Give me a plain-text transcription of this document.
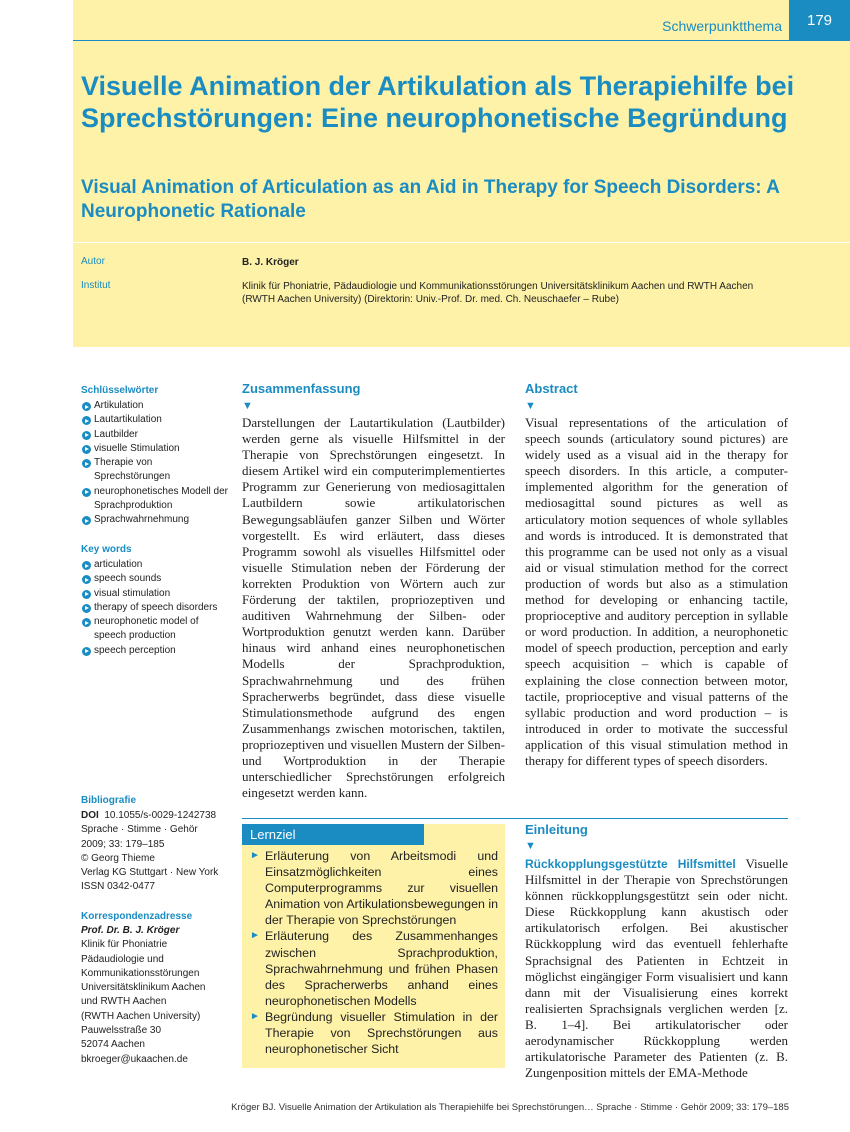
Schwerpunktthema	179
Visuelle Animation der Artikulation als Therapiehilfe bei Sprechstörungen: Eine neurophonetische Begründung
Visual Animation of Articulation as an Aid in Therapy for Speech Disorders: A Neurophonetic Rationale
Autor	B. J. Kröger
Institut	Klinik für Phoniatrie, Pädaudiologie und Kommunikationsstörungen Universitätsklinikum Aachen und RWTH Aachen
(RWTH Aachen University) (Direktorin: Univ.-Prof. Dr. med. Ch. Neuschaefer – Rube)
Schlüsselwörter
Artikulation
Lautartikulation
Lautbilder
visuelle Stimulation
Therapie von Sprechstörungen
neurophonetisches Modell der Sprachproduktion
Sprachwahrnehmung
Key words
articulation
speech sounds
visual stimulation
therapy of speech disorders
neurophonetic model of speech production
speech perception
Bibliografie
DOI 10.1055/s-0029-1242738
Sprache · Stimme · Gehör
2009; 33: 179–185
© Georg Thieme
Verlag KG Stuttgart · New York
ISSN 0342-0477
Korrespondenzadresse
Prof. Dr. B. J. Kröger
Klinik für Phoniatrie
Pädaudiologie und
Kommunikationsstörungen
Universitätsklinikum Aachen
und RWTH Aachen
(RWTH Aachen University)
Pauwelsstraße 30
52074 Aachen
bkroeger@ukaachen.de
Zusammenfassung
▼

Darstellungen der Lautartikulation (Lautbilder) werden gerne als visuelle Hilfsmittel in der Therapie von Sprechstörungen eingesetzt. In diesem Artikel wird ein computerimplementiertes Programm zur Generierung von mediosagittalen Lautbildern sowie artikulatorischen Bewegungsabläufen ganzer Silben und Wörter vorgestellt. Es wird erläutert, dass dieses Programm sowohl als visuelles Hilfsmittel oder visuelle Stimulation neben der Förderung der korrekten Produktion von Wörtern auch zur Förderung der taktilen, propriozeptiven und auditiven Wahrnehmung der Silben- oder Wortproduktion genutzt werden kann. Darüber hinaus wird anhand eines neurophonetischen Modells der Sprachproduktion, Sprachwahrnehmung und des frühen Spracherwerbs begründet, dass diese visuelle Stimulationsmethode aufgrund des engen Zusammenhangs zwischen motorischen, taktilen, propriozeptiven und visuellen Mustern der Silben- und Wortproduktion in der Therapie unterschiedlicher Sprechstörungen erfolgreich eingesetzt werden kann.

Abstract
▼

Visual representations of the articulation of speech sounds (articulatory sound pictures) are widely used as a visual aid in the therapy for speech disorders. In this article, a computer-implemented algorithm for the generation of mediosagittal sound pictures as well as articulatory motion sequences of whole syllables and words is introduced. It is demonstrated that this programme can be used not only as a visual aid or visual stimulation method for the correct production of words but also as a stimulation method for developing or enhancing tactile, proprioceptive and auditory perception in syllable or word production. In addition, a neurophonetic model of speech production, perception and early speech acquisition – which is capable of explaining the close connection between motor, tactile, proprioceptive and visual patterns of the syllabic production and word production – is introduced in order to motivate the successful application of this visual stimulation method in therapy for different types of speech disorders.

Lernziel
► Erläuterung von Arbeitsmodi und Einsatzmöglichkeiten eines Computerprogramms zur visuellen Animation von Artikulationsbewegungen in der Therapie von Sprechstörungen
► Erläuterung des Zusammenhanges zwischen Sprachproduktion, Sprachwahrnehmung und frühen Phasen des Spracherwerbs anhand eines neurophonetischen Modells
► Begründung visueller Stimulation in der Therapie von Sprechstörungen aus neurophonetischer Sicht
Einleitung
▼

Rückkopplungsgestützte Hilfsmittel Visuelle Hilfsmittel in der Therapie von Sprechstörungen können rückkopplungsgestützt sein oder nicht. Diese Rückkopplung kann akustisch oder artikulatorisch erfolgen. Bei akustischer Rückkopplung wird das eventuell fehlerhafte Sprachsignal des Patienten in Echtzeit in möglichst eingängiger Form visualisiert und kann dann mit der Visualisierung eines korrekt realisierten Sprachsignals verglichen werden [z. B. 1–4]. Bei artikulatorischer oder aerodynamischer Rückkopplung werden artikulatorische Parameter des Patienten (z. B. Zungenposition mittels der EMA-Methode

Kröger BJ. Visuelle Animation der Artikulation als Therapiehilfe bei Sprechstörungen… Sprache · Stimme · Gehör 2009; 33: 179–185
